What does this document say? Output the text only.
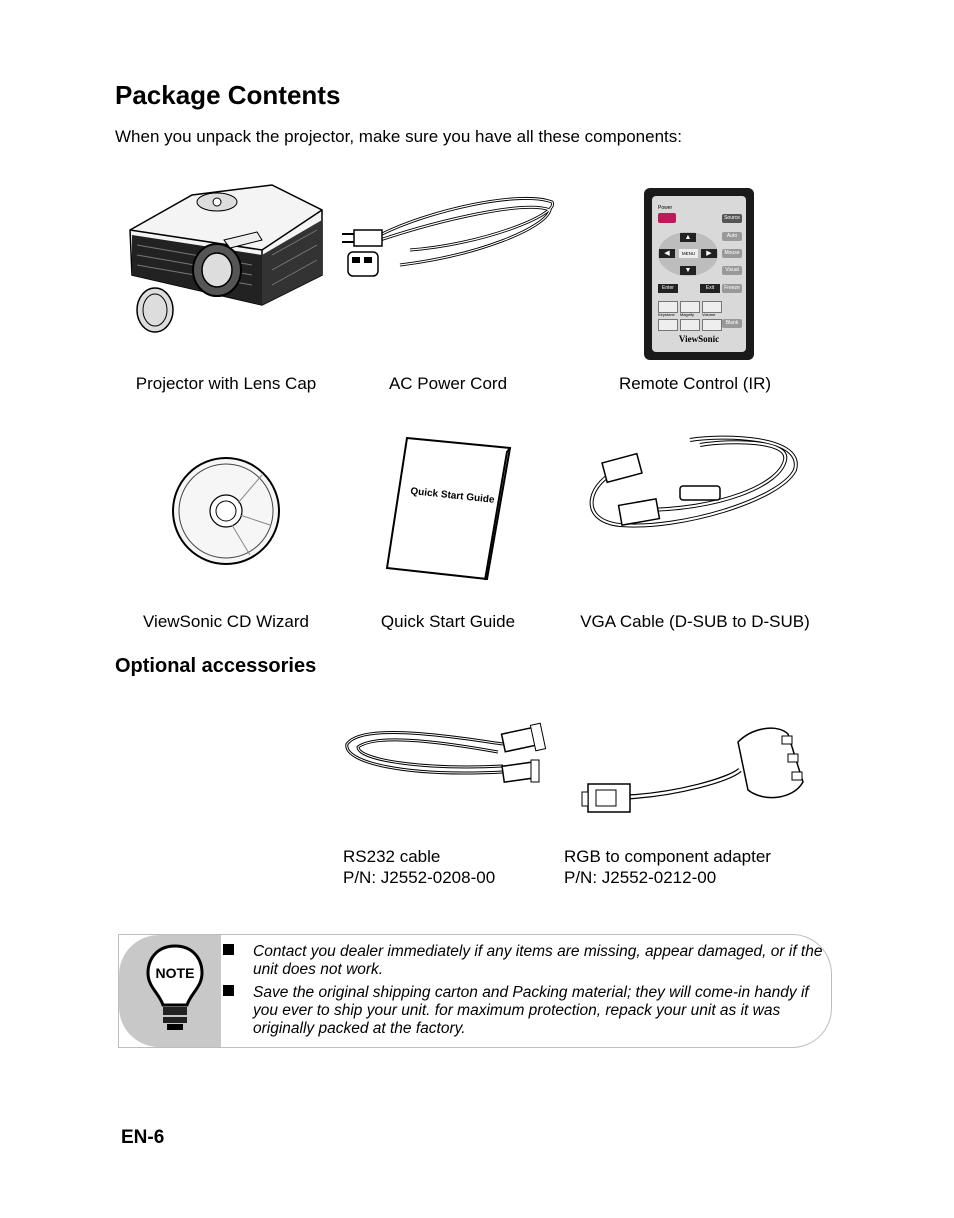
Package Contents
When you unpack the projector, make sure you have all these components:
Power
Source
Auto
Mouse
Visual
Freeze
Blank
▲
▼
◀	▶
MENU
Enter	Exit
Keystone Magnify Volume
ViewSonic
Projector with Lens Cap	AC Power Cord	Remote Control (IR)
Quick Start Guide
ViewSonic CD Wizard	Quick Start Guide	VGA Cable (D-SUB to D-SUB)
Optional accessories
RS232 cable
P/N: J2552-0208-00
RGB to component adapter
P/N: J2552-0212-00
NOTE
Contact you dealer immediately if any items are missing, appear damaged, or if the unit does not work.
Save the original shipping carton and Packing material; they will come-in handy if you ever to ship your unit. for maximum protection, repack your unit as it was originally packed at the factory.
EN-6
